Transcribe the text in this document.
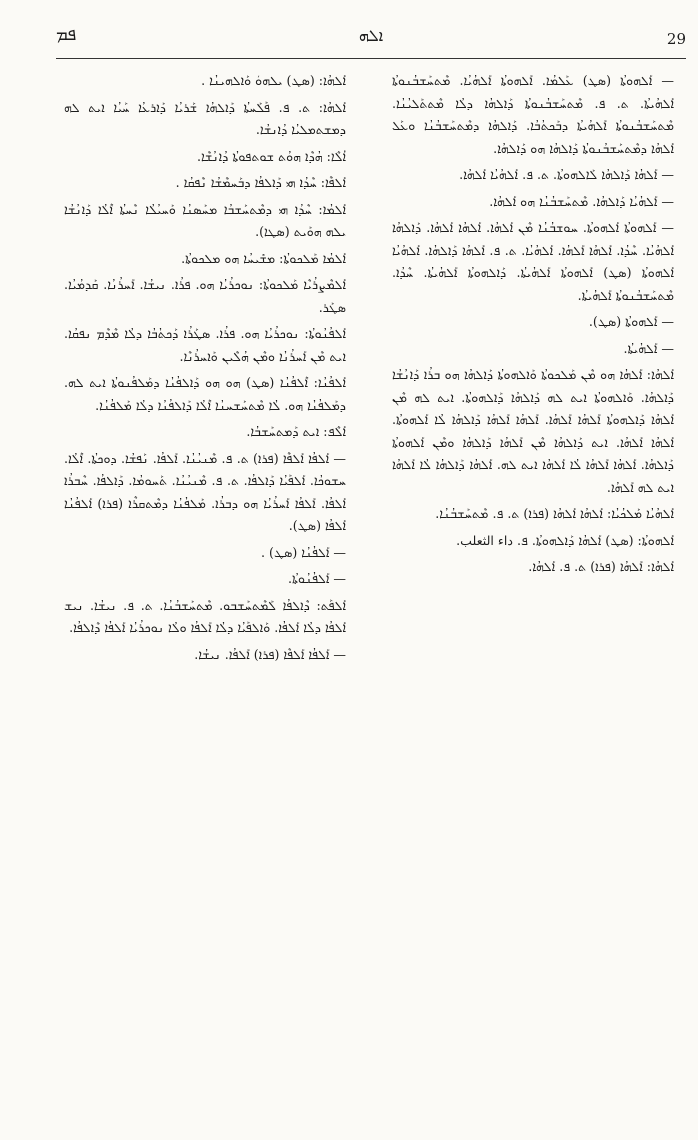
ܦܡ	ܐܠܗ	29

ܐܰܠܗܳܐ: (ܣܛ) ܝܠܗܘܿ ܘܰܐܠܗܝܢܳܐ .

ܐܰܠܗܳܐ: ܬ. ܦ. ܦܰܠܰܚܬܳܐ ܕܰܐܠܗܳܐ ܫܰܪܝܳܐ ܕܰܐܪܥܳܐ ܚܰܝܳܐ ܐܝܬ ܠܗ ܕܡܫܬܡܠܝܳܐ ܕܳܐܢܫܳܐ.

ܐܳܠܶܐ: ܗܳܕܶܐ ܗܘܳܬ ܫܘܬܦܘܬܳܐ ܕܳܐܢܳܫܶܐ.

ܐܰܠܦܶܐ: ܚܶܕܳܐ ܗܝ ܕܰܐܠܦܳܐ ܕܒܰܚܡܶܫܳܐ ܢܶܦܩܳܐ .

ܐܰܠܡܳܐ: ܚܶܕܳܐ ܗܝ ܕܡܶܬܚܰܫܒܳܐ ܡܚܰܣܢܳܐ ܘܰܚܝܳܠܳܐ ܢܶܚܬܳܐ ܐܶܠܳܐ ܕܰܐܢܳܫܳܐ ܝܠܗ ܗܘܰܝܬ (ܣܛܐ).

ܐܰܠܡܳܐ ܡܰܠܟܘܬܳܐ: ܡܫܺܝܚܳܐ ܗܘ ܡܠܟܘܬܳܐ.

ܐܰܠܡܶܨܪܳܝܶܐ ܡܰܠܟܘܬܳܐ: ܢܘܟܪܳܝܳܐ ܗܘ. ܦܪܳܐ. ܢܝܫܳܐ. ܐܰܚܪܳܢܳܐ. ܩܰܕܡܳܝܳܐ. ܣܛܰܪ.

ܐܰܠܦܳܢܳܘܬܳܐ: ܢܘܟܪܳܝܳܐ ܗܘ. ܦܪܳܐ. ܣܛܰܪܳܐ ܕܰܟܬܳܒܳܐ ܕܠܳܐ ܡܶܕܶܡ ܢܦܩܳܐ. ܐܝܬ ܡܶܢ ܐܰܚܪܳܢܳܐ ܘܡܶܢ ܗܳܠܶܝܢ ܘܰܐܚܪܳܢܶܐ.

ܐܰܠܦܳܢܳܐ: ܐܶܠܦܳܢܳܐ (ܣܛ) ܗܘ ܗܘ ܕܰܐܠܦܳܢܳܐ ܕܡܰܠܦܳܢܘܬܳܐ ܐܝܬ ܠܗ. ܕܡܰܠܦܳܢܳܐ ܗܘ. ܠܳܐ ܡܶܬܚܰܫܚܢܳܐ ܐܶܠܳܐ ܕܰܐܠܦܳܢܳܐ ܕܠܳܐ ܡܰܠܦܳܢܳܐ.

ܐܰܠܶܦ: ܐܝܬ ܕܰܡܬܚܰܫܒܳܐ.

— ܐܰܠܦܳܐ ܐܰܠܦܶܐ (ܦܪܐ) ܬ. ܦ. ܡܶܢܝܳܢܳܐ. ܐܰܠܦܳܐ. ܢܰܦܫܳܐ. ܕܘܟܬܳܐ. ܐܶܠܳܐ. ܚܫܘܟܳܐ. ܐܰܠܦܰܝܳܐ ܕܰܐܠܦܳܐ. ܬ. ܦ. ܡܶܢܝܳܢܳܐ. ܬܰܚܘܡܳܐ. ܕܰܐܠܦܳܐ. ܚܶܒܪܳܐ ܐܰܠܦܳܐ. ܐܰܠܦܳܐ ܐܰܚܪܳܝܳܐ ܗܘ ܕܒܪܳܐ. ܡܰܠܦܳܢܳܐ ܕܡܶܬܩܪܶܐ (ܦܪܐ) ܐܰܠܦܳܢܳܐ ܐܰܠܦܳܐ (ܣܛ).

— ܐܰܠܦܳܢܳܐ (ܣܛ) .

— ܐܰܠܦܳܢܳܘܬܳܐ.

ܐܰܠܦܰܬ: ܕܶܐܠܦܳܐ ܠܰܡܶܬܚܰܫܒܘ. ܡܶܬܚܰܫܒܳܢܳܐ. ܬ. ܦ. ܢܝܫܳܐ. ܢܝܫ ܐܰܠܦܳܐ ܕܠܳܐ ܐܰܠܦܳܐ. ܘܰܐܠܦܰܝܳܐ ܕܠܳܐ ܐܰܠܦܳܐ ܘܠܳܐ ܢܘܟܪܳܝܳܐ ܐܰܠܦܳܐ ܕܶܐܠܦܳܐ.

— ܐܰܠܦܳܐ ܐܰܠܦܶܐ (ܦܪܐ) ܐܰܠܦܳܐ. ܢܝܫܳܐ.

— ܐܰܠܗܘܬܳܐ (ܣܛ) ܥܰܠܡܳܐ. ܐܰܠܗܘܬܳܐ ܐܰܠܗܳܝܳܐ. ܡܶܬܚܰܫܒܳܢܘܬܳܐ ܐܰܠܗܳܝܬܳܐ. ܬ. ܦ. ܡܶܬܚܰܫܒܳܢܘܬܳܐ ܕܰܐܠܗܳܐ ܕܠܳܐ ܡܶܬܬܰܠܝܳܢܳܐ. ܡܶܬܚܰܫܒܳܢܘܬܳܐ ܐܰܠܗܳܝܬܳܐ ܕܒܰܟܬܳܒܳܐ. ܕܰܐܠܗܳܐ ܕܡܶܬܚܰܫܒܳܢܳܐ ܘܥܰܠ ܐܰܠܗܳܐ ܕܡܶܬܚܰܫܒܳܢܘܬܳܐ ܕܰܐܠܗܳܐ ܗܘ ܕܰܐܠܗܳܐ.

— ܐܰܠܗܳܐ ܕܰܐܠܗܳܐ ܠܰܐܠܗܘܬܳܐ. ܬ. ܦ. ܐܰܠܗܳܝܳܐ ܐܰܠܗܳܐ.

— ܐܰܠܗܳܝܳܐ ܕܰܐܠܗܳܐ. ܡܶܬܚܰܫܒܳܢܳܐ ܗܘ ܐܰܠܗܳܐ.

— ܐܰܠܗܘܬܳܐ ܐܰܠܗܘܬܳܐ. ܚܘܫܒܳܢܳܐ ܡܶܢ ܐܰܠܗܳܐ. ܐܰܠܗܳܐ ܐܰܠܗܳܐ. ܕܰܐܠܗܳܐ ܐܰܠܗܳܝܳܐ. ܚܶܕܳܐ. ܐܰܠܗܳܐ ܐܰܠܗܳܐ. ܐܰܠܗܳܝܳܐ. ܬ. ܦ. ܐܰܠܗܳܐ ܕܰܐܠܗܳܐ. ܐܰܠܗܳܝܳܐ ܐܰܠܗܘܬܳܐ (ܣܛ) ܐܰܠܗܘܬܳܐ ܐܰܠܗܳܝܬܳܐ. ܕܰܐܠܗܘܬܳܐ ܐܰܠܗܳܝܬܳܐ. ܚܶܕܳܐ. ܡܶܬܚܰܫܒܳܢܘܬܳܐ ܐܰܠܗܳܝܬܳܐ.

— ܐܰܠܗܘܬܳܐ (ܣܛ).

— ܐܰܠܗܳܝܬܳܐ.

ܐܰܠܗܳܐ: ܐܰܠܗܳܐ ܗܘ ܡܶܢ ܡܰܠܟܘܬܳܐ ܘܰܐܠܗܘܬܳܐ ܕܰܐܠܗܳܐ ܗܘ ܒܪܳܐ ܕܰܐܢܳܫܳܐ ܕܰܐܠܗܳܐ. ܘܰܐܠܗܘܬܳܐ ܐܝܬ ܠܗ ܕܰܐܠܗܳܐ ܕܰܐܠܗܘܬܳܐ. ܐܝܬ ܠܗ ܡܶܢ ܐܰܠܗܳܐ ܕܰܐܠܗܘܬܳܐ ܐܰܠܗܳܐ ܐܰܠܗܳܐ. ܐܰܠܗܳܐ ܐܰܠܗܳܐ ܕܰܐܠܗܳܐ ܠܳܐ ܐܰܠܗܘܬܳܐ. ܐܰܠܗܳܐ ܐܰܠܗܳܐ. ܐܝܬ ܕܰܐܠܗܳܐ ܡܶܢ ܐܰܠܗܳܐ ܕܰܐܠܗܳܐ ܘܡܶܢ ܐܰܠܗܘܬܳܐ ܕܰܐܠܗܳܐ. ܐܰܠܗܳܐ ܐܰܠܗܳܐ ܠܳܐ ܐܰܠܗܳܐ ܐܝܬ ܠܗ. ܐܰܠܗܳܐ ܕܰܐܠܗܳܐ ܠܳܐ ܐܰܠܗܳܐ ܐܝܬ ܠܗ ܐܰܠܗܳܐ.

ܐܰܠܗܳܝܳܐ ܡܰܠܟܳܝܳܐ: ܐܰܠܗܳܐ ܐܰܠܗܳܐ (ܦܪܐ) ܬ. ܦ. ܡܶܬܚܰܫܒܳܢܳܐ.

ܐܰܠܗܘܬܳܐ: (ܣܛ) ܐܰܠܗܳܐ ܕܰܐܠܗܘܬܳܐ. ܦ. داء الثعلب.

ܐܰܠܗܳܐ: ܐܰܠܗܳܐ (ܦܪܐ) ܬ. ܦ. ܐܰܠܗܳܐ.
